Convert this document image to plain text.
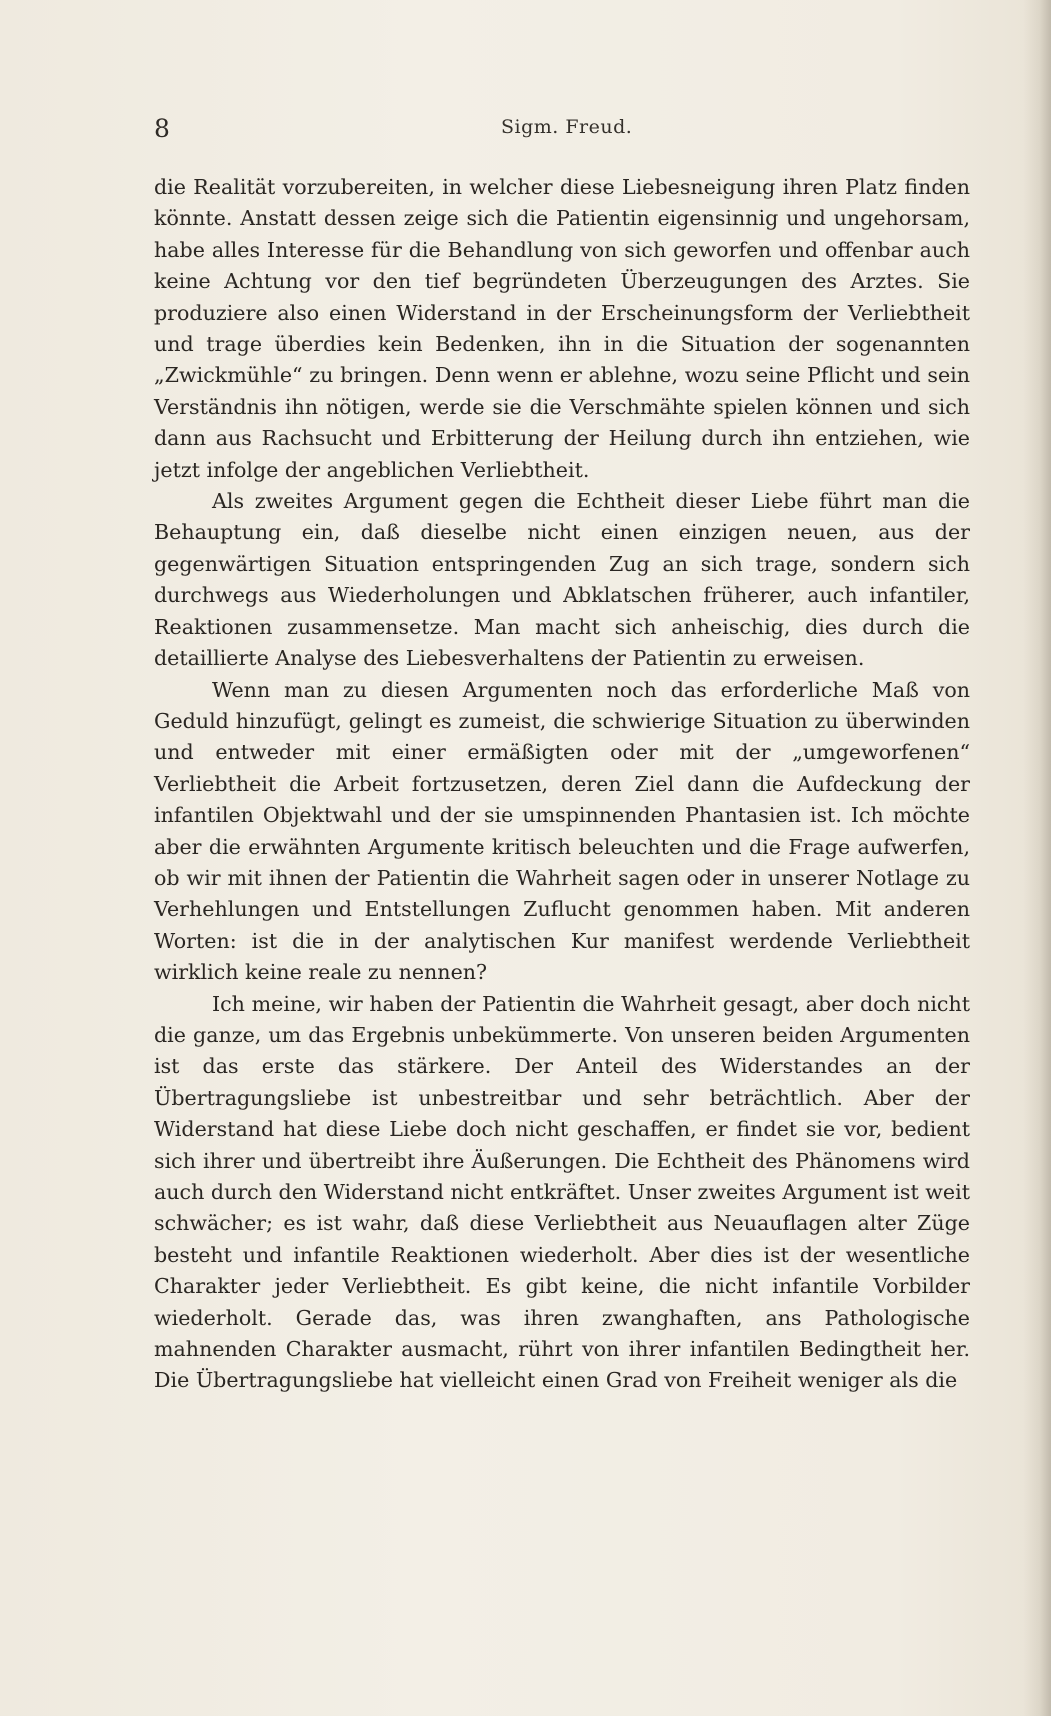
8	Sigm. Freud.

die Realität vorzubereiten, in welcher diese Liebesneigung ihren Platz finden könnte. Anstatt dessen zeige sich die Patientin eigensinnig und ungehorsam, habe alles Interesse für die Behandlung von sich geworfen und offenbar auch keine Achtung vor den tief begründeten Überzeugungen des Arztes. Sie produziere also einen Widerstand in der Erscheinungsform der Verliebtheit und trage überdies kein Bedenken, ihn in die Situation der sogenannten „Zwickmühle“ zu bringen. Denn wenn er ablehne, wozu seine Pflicht und sein Verständnis ihn nötigen, werde sie die Verschmähte spielen können und sich dann aus Rachsucht und Erbitterung der Heilung durch ihn entziehen, wie jetzt infolge der angeblichen Verliebtheit.

Als zweites Argument gegen die Echtheit dieser Liebe führt man die Behauptung ein, daß dieselbe nicht einen einzigen neuen, aus der gegenwärtigen Situation entspringenden Zug an sich trage, sondern sich durchwegs aus Wiederholungen und Abklatschen früherer, auch infantiler, Reaktionen zusammensetze. Man macht sich anheischig, dies durch die detaillierte Analyse des Liebesverhaltens der Patientin zu erweisen.

Wenn man zu diesen Argumenten noch das erforderliche Maß von Geduld hinzufügt, gelingt es zumeist, die schwierige Situation zu überwinden und entweder mit einer ermäßigten oder mit der „umgeworfenen“ Verliebtheit die Arbeit fortzusetzen, deren Ziel dann die Aufdeckung der infantilen Objektwahl und der sie umspinnenden Phantasien ist. Ich möchte aber die erwähnten Argumente kritisch beleuchten und die Frage aufwerfen, ob wir mit ihnen der Patientin die Wahrheit sagen oder in unserer Notlage zu Verhehlungen und Entstellungen Zuflucht genommen haben. Mit anderen Worten: ist die in der analytischen Kur manifest werdende Verliebtheit wirklich keine reale zu nennen?

Ich meine, wir haben der Patientin die Wahrheit gesagt, aber doch nicht die ganze, um das Ergebnis unbekümmerte. Von unseren beiden Argumenten ist das erste das stärkere. Der Anteil des Widerstandes an der Übertragungsliebe ist unbestreitbar und sehr beträchtlich. Aber der Widerstand hat diese Liebe doch nicht geschaffen, er findet sie vor, bedient sich ihrer und übertreibt ihre Äußerungen. Die Echtheit des Phänomens wird auch durch den Widerstand nicht entkräftet. Unser zweites Argument ist weit schwächer; es ist wahr, daß diese Verliebtheit aus Neuauflagen alter Züge besteht und infantile Reaktionen wiederholt. Aber dies ist der wesentliche Charakter jeder Verliebtheit. Es gibt keine, die nicht infantile Vorbilder wiederholt. Gerade das, was ihren zwanghaften, ans Pathologische mahnenden Charakter ausmacht, rührt von ihrer infantilen Bedingtheit her. Die Übertragungsliebe hat vielleicht einen Grad von Freiheit weniger als die
